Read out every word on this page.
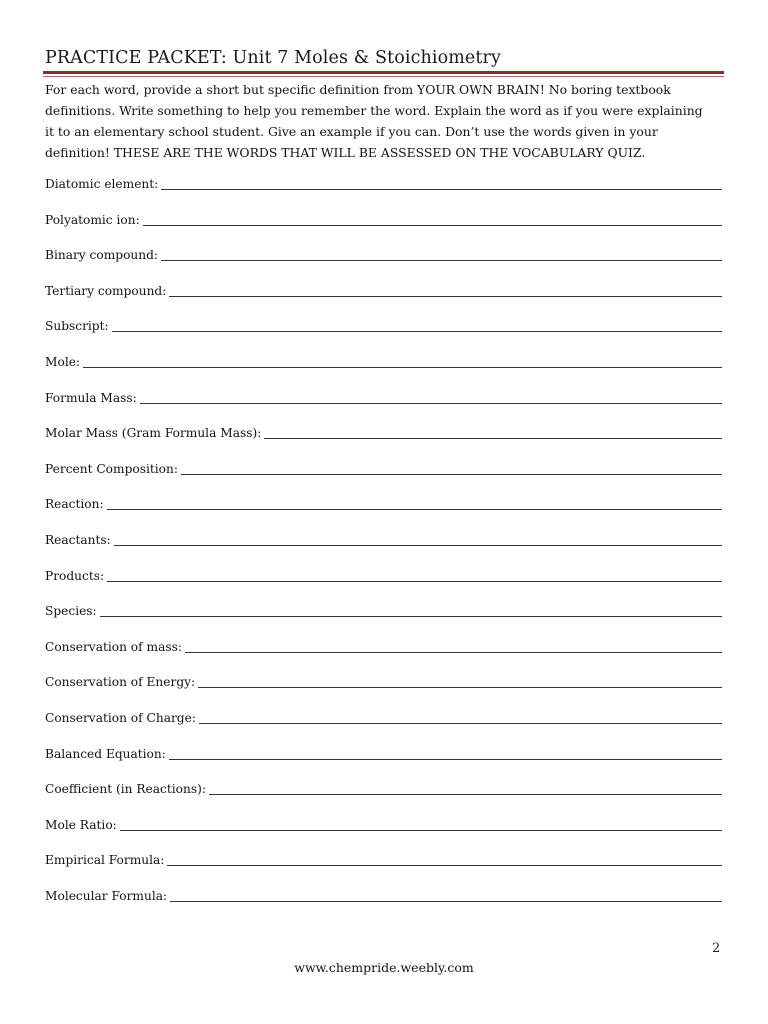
PRACTICE PACKET: Unit 7 Moles & Stoichiometry
For each word, provide a short but specific definition from YOUR OWN BRAIN! No boring textbook
definitions. Write something to help you remember the word. Explain the word as if you were explaining
it to an elementary school student. Give an example if you can. Don’t use the words given in your
definition! THESE ARE THE WORDS THAT WILL BE ASSESSED ON THE VOCABULARY QUIZ.
Diatomic element:
Polyatomic ion:
Binary compound:
Tertiary compound:
Subscript:
Mole:
Formula Mass:
Molar Mass (Gram Formula Mass):
Percent Composition:
Reaction:
Reactants:
Products:
Species:
Conservation of mass:
Conservation of Energy:
Conservation of Charge:
Balanced Equation:
Coefficient (in Reactions):
Mole Ratio:
Empirical Formula:
Molecular Formula:
2
www.chempride.weebly.com
